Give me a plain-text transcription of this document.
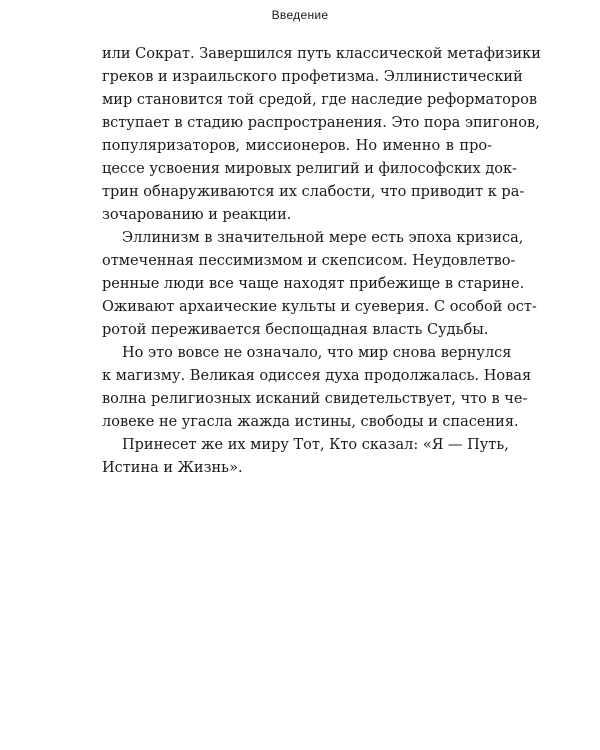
Введение
или Сократ. Завершился путь классической метафизики
греков и израильского профетизма. Эллинистический
мир становится той средой, где наследие реформаторов
вступает в стадию распространения. Это пора эпигонов,
популяризаторов, миссионеров. Но именно в про-
цессе усвоения мировых религий и философских док-
трин обнаруживаются их слабости, что приводит к ра-
зочарованию и реакции.
Эллинизм в значительной мере есть эпоха кризиса,
отмеченная пессимизмом и скепсисом. Неудовлетво-
ренные люди все чаще находят прибежище в старине.
Оживают архаические культы и суеверия. С особой ост-
ротой переживается беспощадная власть Судьбы.
Но это вовсе не означало, что мир снова вернулся
к магизму. Великая одиссея духа продолжалась. Новая
волна религиозных исканий свидетельствует, что в че-
ловеке не угасла жажда истины, свободы и спасения.
Принесет же их миру Тот, Кто сказал: «Я — Путь,
Истина и Жизнь».
